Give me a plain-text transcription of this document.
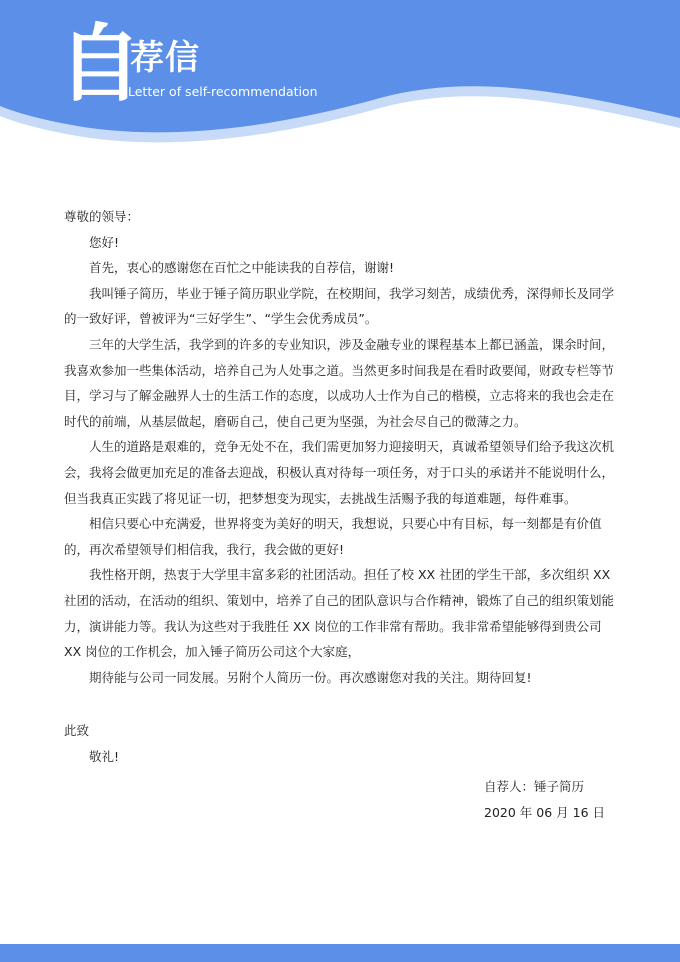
自
荐信
Letter of self-recommendation

尊敬的领导：

您好!

首先，衷心的感谢您在百忙之中能读我的自荐信，谢谢!

我叫锤子简历，毕业于锤子简历职业学院，在校期间，我学习刻苦，成绩优秀，深得师长及同学的一致好评，曾被评为“三好学生”、“学生会优秀成员”。

三年的大学生活，我学到的许多的专业知识，涉及金融专业的课程基本上都已涵盖，课余时间，我喜欢参加一些集体活动，培养自己为人处事之道。当然更多时间我是在看时政要闻，财政专栏等节目，学习与了解金融界人士的生活工作的态度，以成功人士作为自己的楷模，立志将来的我也会走在时代的前端，从基层做起，磨砺自己，使自己更为坚强，为社会尽自己的微薄之力。

人生的道路是艰难的，竞争无处不在，我们需更加努力迎接明天，真诚希望领导们给予我这次机会，我将会做更加充足的准备去迎战，积极认真对待每一项任务，对于口头的承诺并不能说明什么，但当我真正实践了将见证一切，把梦想变为现实，去挑战生活赐予我的每道难题，每件难事。

相信只要心中充满爱，世界将变为美好的明天，我想说，只要心中有目标，每一刻都是有价值的，再次希望领导们相信我，我行，我会做的更好!

我性格开朗，热衷于大学里丰富多彩的社团活动。担任了校 XX 社团的学生干部，多次组织 XX 社团的活动，在活动的组织、策划中，培养了自己的团队意识与合作精神，锻炼了自己的组织策划能力，演讲能力等。我认为这些对于我胜任 XX 岗位的工作非常有帮助。我非常希望能够得到贵公司 XX 岗位的工作机会，加入锤子简历公司这个大家庭，

期待能与公司一同发展。另附个人简历一份。再次感谢您对我的关注。期待回复!

此致

敬礼!

自荐人：锤子简历

2020 年 06 月 16 日
